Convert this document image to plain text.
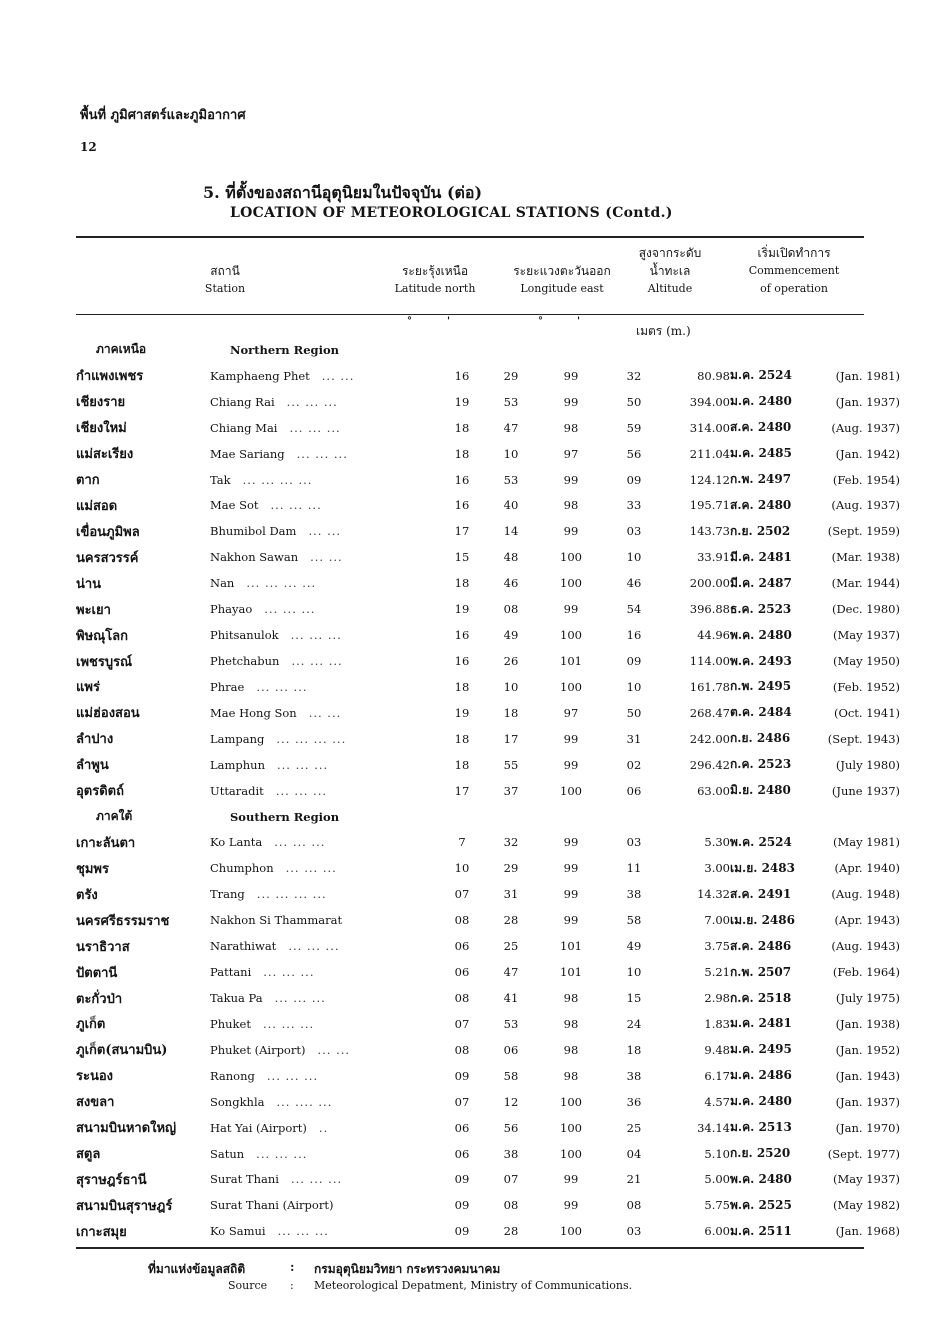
พื้นที่ ภูมิศาสตร์และภูมิอากาศ
12
5. ที่ตั้งของสถานีอุตุนิยมในปัจจุบัน (ต่อ)
LOCATION OF METEOROLOGICAL STATIONS (Contd.)
สถานี
Station
ระยะรุ้งเหนือ
Latitude north
ระยะแวงตะวันออก
Longitude east
สูงจากระดับ
น้ำทะเล
Altitude
เริ่มเปิดทำการ
Commencement
of operation
°	'	°	'
เมตร (m.)
ภาคเหนือ	Northern Region							
กำแพงเพชร	Kamphaeng Phet ... ...	16	29	99	32	80.98	ม.ค. 2524	(Jan. 1981)
เชียงราย	Chiang Rai ... ... ...	19	53	99	50	394.00	ม.ค. 2480	(Jan. 1937)
เชียงใหม่	Chiang Mai ... ... ...	18	47	98	59	314.00	ส.ค. 2480	(Aug. 1937)
แม่สะเรียง	Mae Sariang ... ... ...	18	10	97	56	211.04	ม.ค. 2485	(Jan. 1942)
ตาก	Tak ... ... ... ...	16	53	99	09	124.12	ก.พ. 2497	(Feb. 1954)
แม่สอด	Mae Sot ... ... ...	16	40	98	33	195.71	ส.ค. 2480	(Aug. 1937)
เขื่อนภูมิพล	Bhumibol Dam ... ...	17	14	99	03	143.73	ก.ย. 2502	(Sept. 1959)
นครสวรรค์	Nakhon Sawan ... ...	15	48	100	10	33.91	มี.ค. 2481	(Mar. 1938)
น่าน	Nan ... ... ... ...	18	46	100	46	200.00	มี.ค. 2487	(Mar. 1944)
พะเยา	Phayao ... ... ...	19	08	99	54	396.88	ธ.ค. 2523	(Dec. 1980)
พิษณุโลก	Phitsanulok ... ... ...	16	49	100	16	44.96	พ.ค. 2480	(May 1937)
เพชรบูรณ์	Phetchabun ... ... ...	16	26	101	09	114.00	พ.ค. 2493	(May 1950)
แพร่	Phrae ... ... ...	18	10	100	10	161.78	ก.พ. 2495	(Feb. 1952)
แม่ฮ่องสอน	Mae Hong Son ... ...	19	18	97	50	268.47	ต.ค. 2484	(Oct. 1941)
ลำปาง	Lampang ... ... ... ...	18	17	99	31	242.00	ก.ย. 2486	(Sept. 1943)
ลำพูน	Lamphun ... ... ...	18	55	99	02	296.42	ก.ค. 2523	(July 1980)
อุตรดิตถ์	Uttaradit ... ... ...	17	37	100	06	63.00	มิ.ย. 2480	(June 1937)
ภาคใต้	Southern Region							
เกาะลันตา	Ko Lanta ... ... ...	7	32	99	03	5.30	พ.ค. 2524	(May 1981)
ชุมพร	Chumphon ... ... ...	10	29	99	11	3.00	เม.ย. 2483	(Apr. 1940)
ตรัง	Trang ... ... ... ...	07	31	99	38	14.32	ส.ค. 2491	(Aug. 1948)
นครศรีธรรมราช	Nakhon Si Thammarat	08	28	99	58	7.00	เม.ย. 2486	(Apr. 1943)
นราธิวาส	Narathiwat ... ... ...	06	25	101	49	3.75	ส.ค. 2486	(Aug. 1943)
ปัตตานี	Pattani ... ... ...	06	47	101	10	5.21	ก.พ. 2507	(Feb. 1964)
ตะกั่วป่า	Takua Pa ... ... ...	08	41	98	15	2.98	ก.ค. 2518	(July 1975)
ภูเก็ต	Phuket ... ... ...	07	53	98	24	1.83	ม.ค. 2481	(Jan. 1938)
ภูเก็ต(สนามบิน)	Phuket (Airport) ... ...	08	06	98	18	9.48	ม.ค. 2495	(Jan. 1952)
ระนอง	Ranong ... ... ...	09	58	98	38	6.17	ม.ค. 2486	(Jan. 1943)
สงขลา	Songkhla ... .... ...	07	12	100	36	4.57	ม.ค. 2480	(Jan. 1937)
สนามบินหาดใหญ่	Hat Yai (Airport) ..	06	56	100	25	34.14	ม.ค. 2513	(Jan. 1970)
สตูล	Satun ... ... ...	06	38	100	04	5.10	ก.ย. 2520	(Sept. 1977)
สุราษฎร์ธานี	Surat Thani ... ... ...	09	07	99	21	5.00	พ.ค. 2480	(May 1937)
สนามบินสุราษฎร์	Surat Thani (Airport)	09	08	99	08	5.75	พ.ค. 2525	(May 1982)
เกาะสมุย	Ko Samui ... ... ...	09	28	100	03	6.00	ม.ค. 2511	(Jan. 1968)
ที่มาแห่งข้อมูลสถิติ	: กรมอุตุนิยมวิทยา กระทรวงคมนาคม
Source : Meteorological Depatment, Ministry of Communications.
